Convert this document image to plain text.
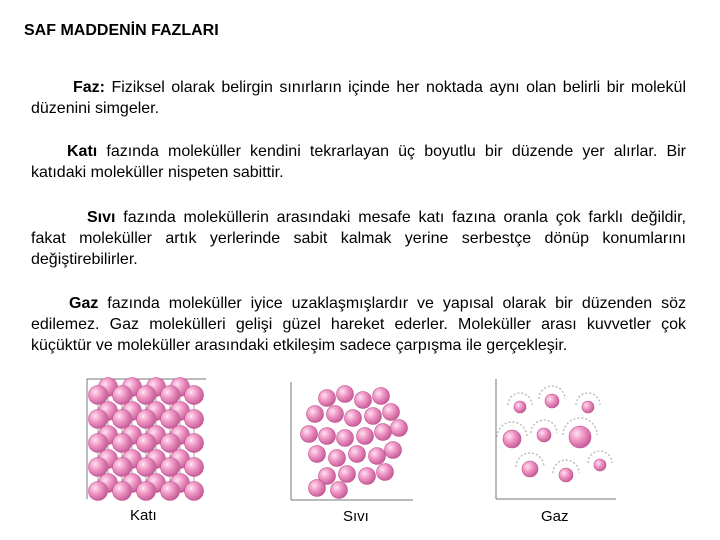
SAF MADDENİN FAZLARI

Faz: Fiziksel olarak belirgin sınırların içinde her noktada aynı olan belirli bir molekül düzenini simgeler.

Katı fazında moleküller kendini tekrarlayan üç boyutlu bir düzende yer alırlar. Bir katıdaki moleküller nispeten sabittir.

Sıvı fazında moleküllerin arasındaki mesafe katı fazına oranla çok farklı değildir, fakat moleküller artık yerlerinde sabit kalmak yerine serbestçe dönüp konumlarını değiştirebilirler.

Gaz fazında moleküller iyice uzaklaşmışlardır ve yapısal olarak bir düzenden söz edilemez. Gaz molekülleri gelişi güzel hareket ederler. Moleküller arası kuvvetler çok küçüktür ve moleküller arasındaki etkileşim sadece çarpışma ile gerçekleşir.

Katı	Sıvı	Gaz
